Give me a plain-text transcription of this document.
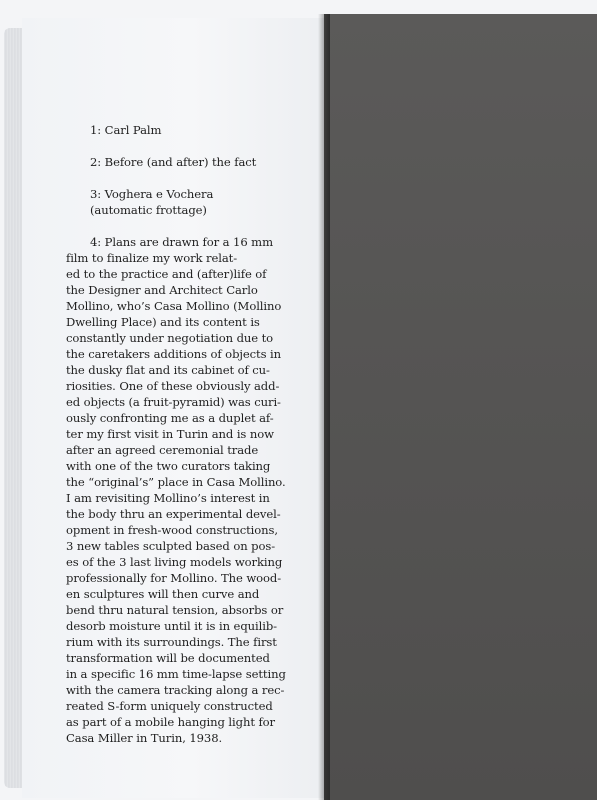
1: Carl Palm

2: Before (and after) the fact

3: Voghera e Vochera
(automatic frottage)

4: Plans are drawn for a 16 mm
film to finalize my work relat-
ed to the practice and (after)life of
the Designer and Architect Carlo
Mollino, who’s Casa Mollino (Mollino
Dwelling Place) and its content is
constantly under negotiation due to
the caretakers additions of objects in
the dusky flat and its cabinet of cu-
riosities. One of these obviously add-
ed objects (a fruit-pyramid) was curi-
ously confronting me as a duplet af-
ter my first visit in Turin and is now
after an agreed ceremonial trade
with one of the two curators taking
the “original’s” place in Casa Mollino.
I am revisiting Mollino’s interest in
the body thru an experimental devel-
opment in fresh-wood constructions,
3 new tables sculpted based on pos-
es of the 3 last living models working
professionally for Mollino. The wood-
en sculptures will then curve and
bend thru natural tension, absorbs or
desorb moisture until it is in equilib-
rium with its surroundings. The first
transformation will be documented
in a specific 16 mm time-lapse setting
with the camera tracking along a rec-
reated S-form uniquely constructed
as part of a mobile hanging light for
Casa Miller in Turin, 1938.
